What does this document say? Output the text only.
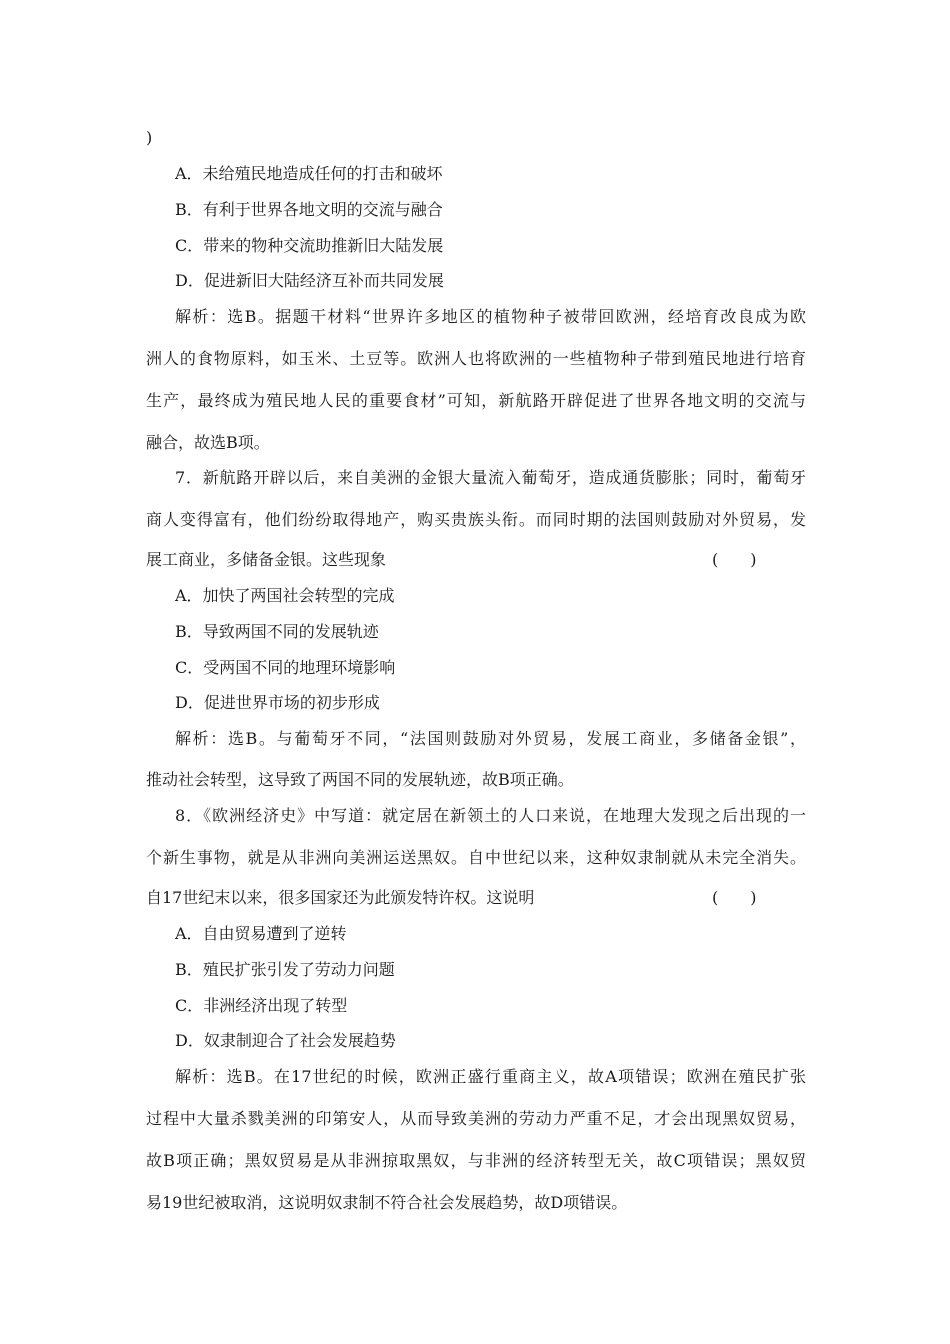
)
A．未给殖民地造成任何的打击和破坏
B．有利于世界各地文明的交流与融合
C．带来的物种交流助推新旧大陆发展
D．促进新旧大陆经济互补而共同发展
解析：选B。据题干材料“世界许多地区的植物种子被带回欧洲，经培育改良成为欧
洲人的食物原料，如玉米、土豆等。欧洲人也将欧洲的一些植物种子带到殖民地进行培育
生产，最终成为殖民地人民的重要食材”可知，新航路开辟促进了世界各地文明的交流与
融合，故选B项。
7．新航路开辟以后，来自美洲的金银大量流入葡萄牙，造成通货膨胀；同时，葡萄牙
商人变得富有，他们纷纷取得地产，购买贵族头衔。而同时期的法国则鼓励对外贸易，发
展工商业，多储备金银。这些现象	(　　)
A．加快了两国社会转型的完成
B．导致两国不同的发展轨迹
C．受两国不同的地理环境影响
D．促进世界市场的初步形成
解析：选B。与葡萄牙不同，“法国则鼓励对外贸易，发展工商业，多储备金银”，
推动社会转型，这导致了两国不同的发展轨迹，故B项正确。
8．《欧洲经济史》中写道：就定居在新领土的人口来说，在地理大发现之后出现的一
个新生事物，就是从非洲向美洲运送黑奴。自中世纪以来，这种奴隶制就从未完全消失。
自17世纪末以来，很多国家还为此颁发特许权。这说明	(　　)
A．自由贸易遭到了逆转
B．殖民扩张引发了劳动力问题
C．非洲经济出现了转型
D．奴隶制迎合了社会发展趋势
解析：选B。在17世纪的时候，欧洲正盛行重商主义，故A项错误；欧洲在殖民扩张
过程中大量杀戮美洲的印第安人，从而导致美洲的劳动力严重不足，才会出现黑奴贸易，
故B项正确；黑奴贸易是从非洲掠取黑奴，与非洲的经济转型无关，故C项错误；黑奴贸
易19世纪被取消，这说明奴隶制不符合社会发展趋势，故D项错误。
